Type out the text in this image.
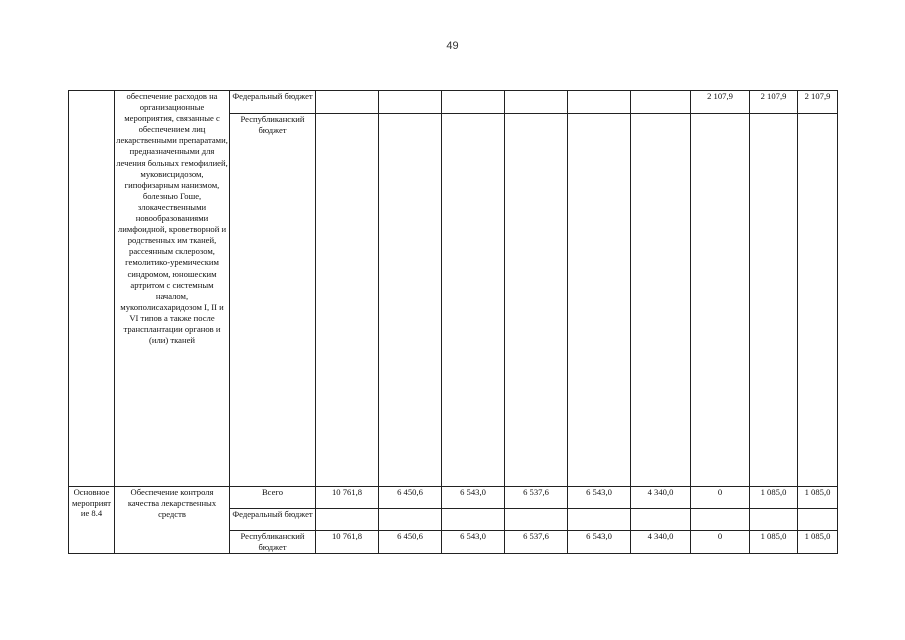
49
	обеспечение расходов на организационные мероприятия, связанные с обеспечением лиц лекарственными препаратами, предназначенными для лечения больных гемофилией, муковисцидозом, гипофизарным нанизмом, болезнью Гоше, злокачественными новообразованиями лимфоидной, кроветворной и родственных им тканей, рассеянным склерозом, гемолитико-уремическим синдромом, юношеским артритом с системным началом, мукополисахаридозом I, II и VI типов а также после трансплантации органов и (или) тканей	Федеральный бюджет							2 107,9	2 107,9	2 107,9
		Республиканский бюджет									
Основное мероприятие 8.4	Обеспечение контроля качества лекарственных средств	Всего	10 761,8	6 450,6	6 543,0	6 537,6	6 543,0	4 340,0	0	1 085,0	1 085,0
		Федеральный бюджет									
		Республиканский бюджет	10 761,8	6 450,6	6 543,0	6 537,6	6 543,0	4 340,0	0	1 085,0	1 085,0
